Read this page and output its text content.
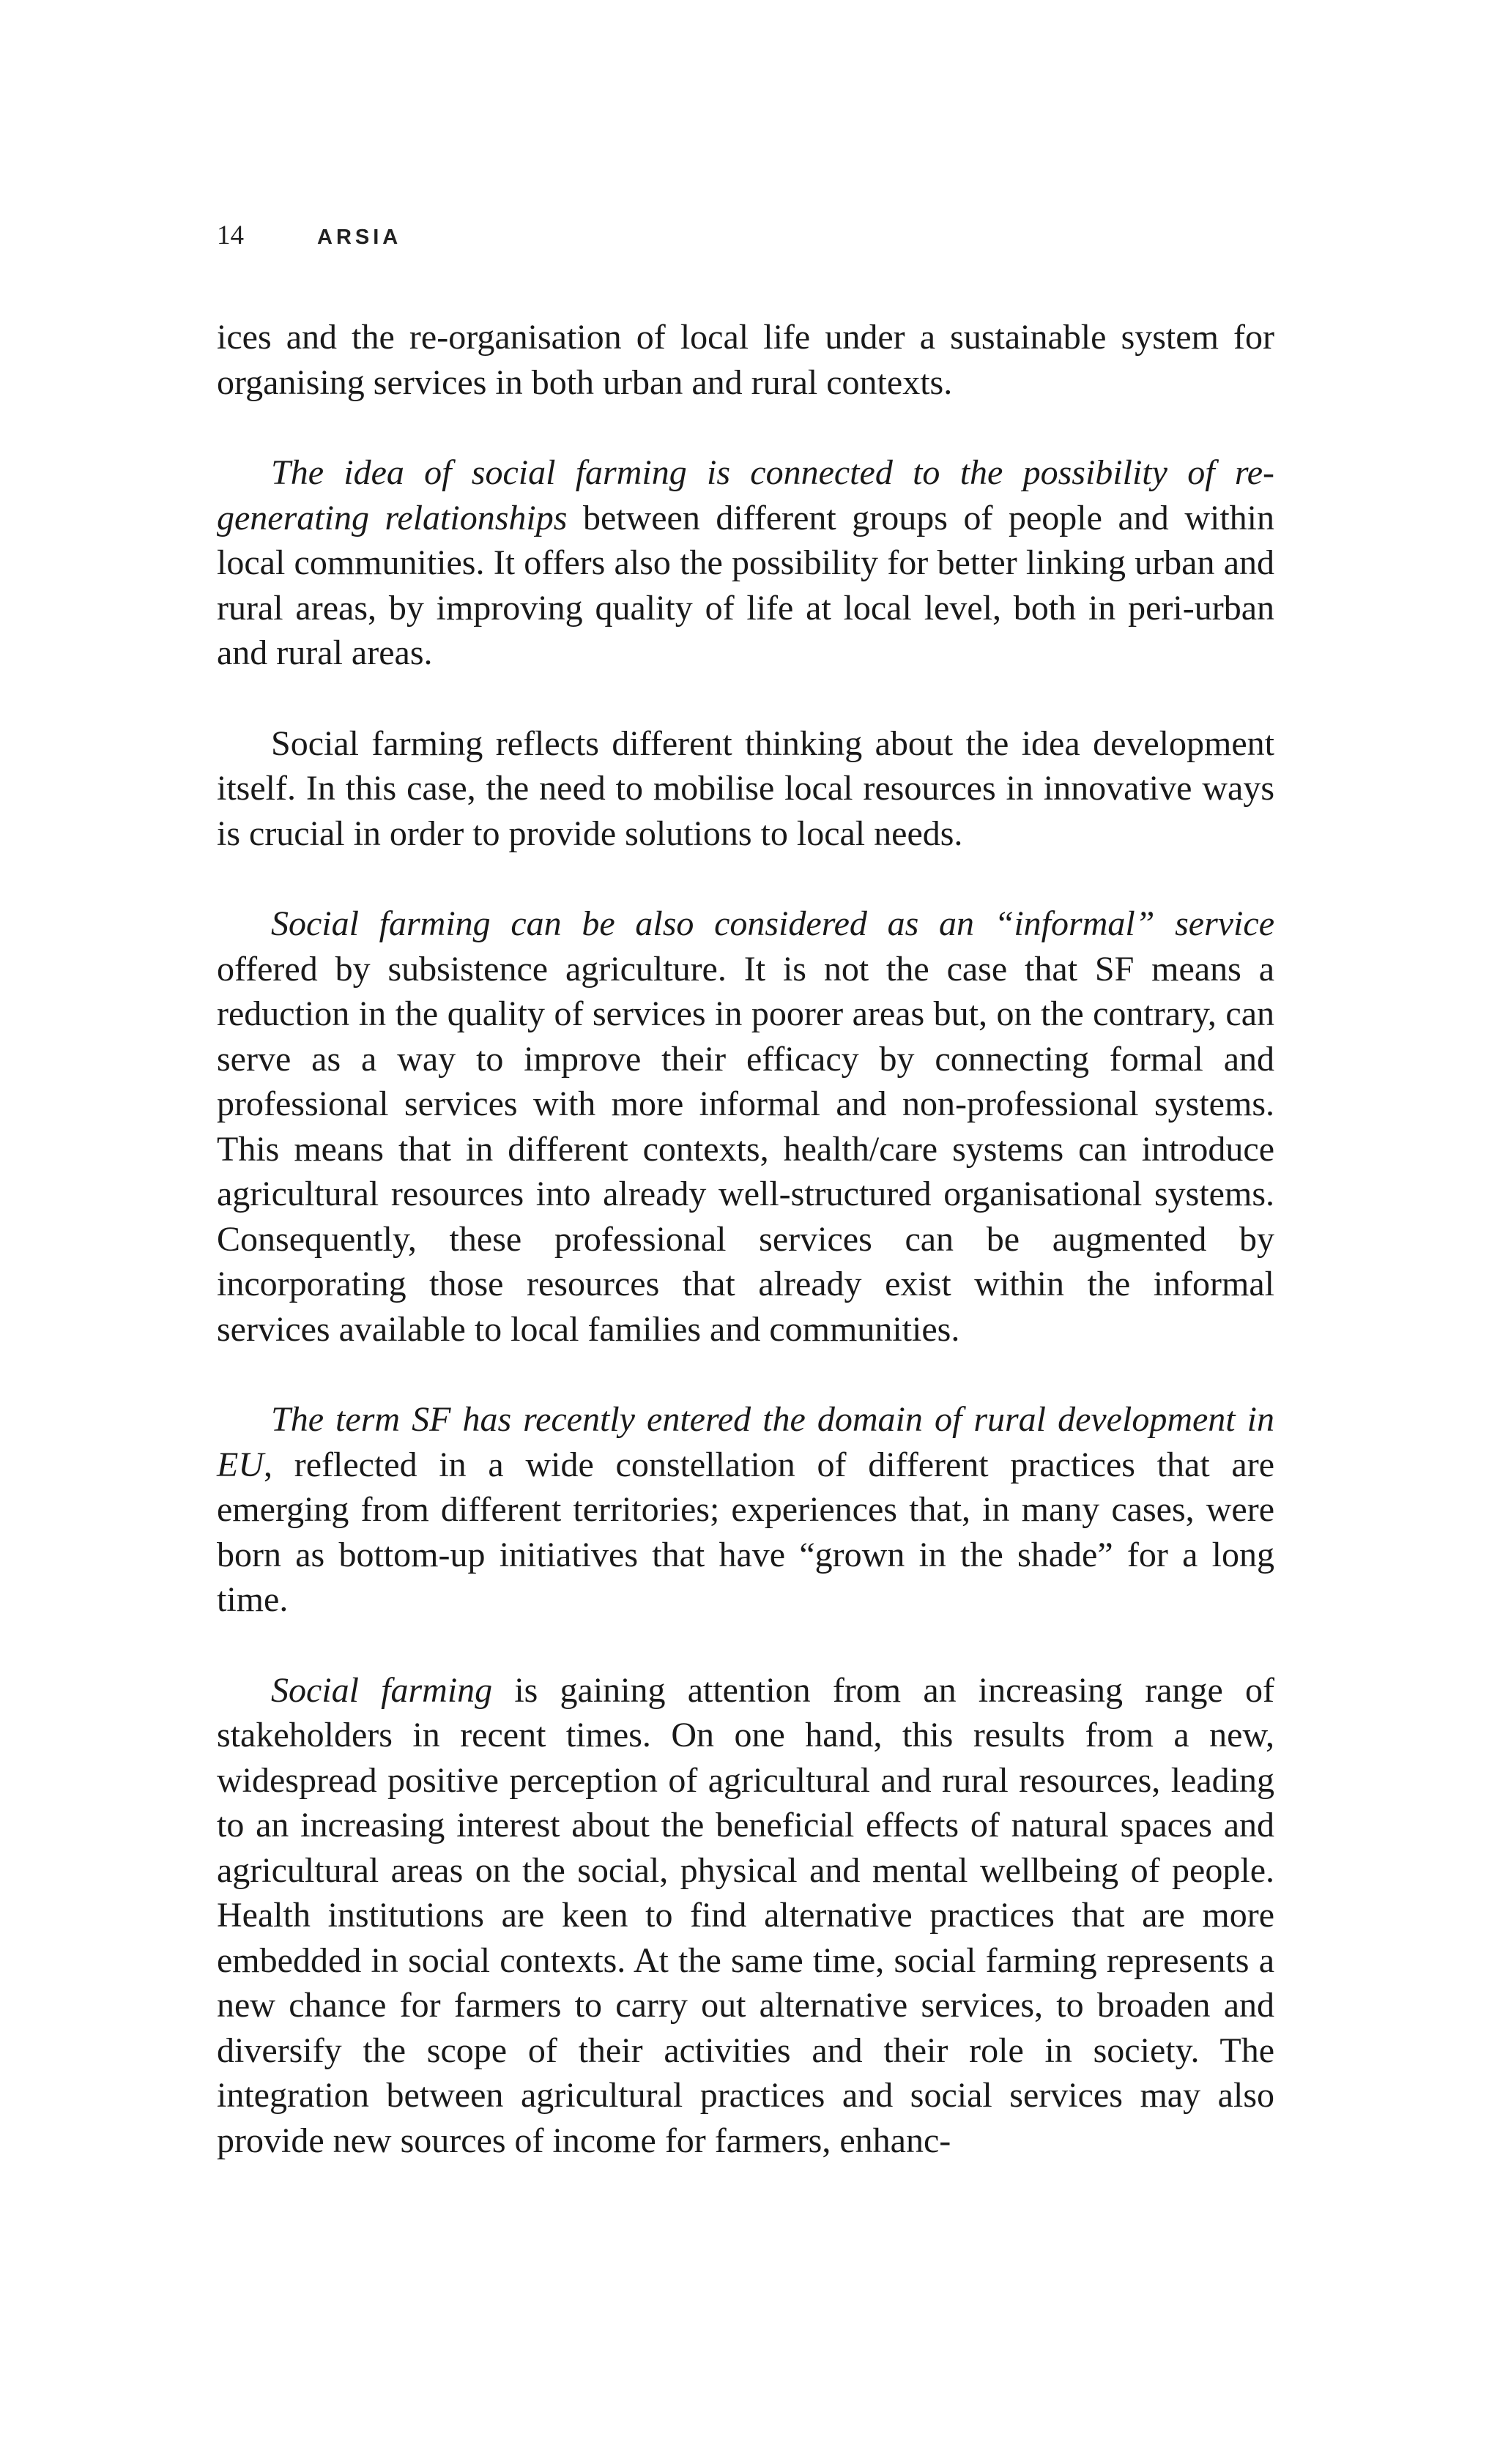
14	ARSIA

ices and the re-organisation of local life under a sustainable system for organising services in both urban and rural contexts.

The idea of social farming is connected to the possibility of re-generating relationships between different groups of people and within local communities. It offers also the possibility for better linking urban and rural areas, by improving quality of life at local level, both in peri-urban and rural areas.

Social farming reflects different thinking about the idea development itself. In this case, the need to mobilise local resources in innovative ways is crucial in order to provide solutions to local needs.

Social farming can be also considered as an “informal” service offered by subsistence agriculture. It is not the case that SF means a reduction in the quality of services in poorer areas but, on the contrary, can serve as a way to improve their efficacy by connecting formal and professional services with more informal and non-professional systems. This means that in different contexts, health/care systems can introduce agricultural resources into already well-structured organisational systems. Consequently, these professional services can be augmented by incorporating those resources that already exist within the informal services available to local families and communities.

The term SF has recently entered the domain of rural development in EU, reflected in a wide constellation of different practices that are emerging from different territories; experiences that, in many cases, were born as bottom-up initiatives that have “grown in the shade” for a long time.

Social farming is gaining attention from an increasing range of stakeholders in recent times. On one hand, this results from a new, widespread positive perception of agricultural and rural resources, leading to an increasing interest about the beneficial effects of natural spaces and agricultural areas on the social, physical and mental wellbeing of people. Health institutions are keen to find alternative practices that are more embedded in social contexts. At the same time, social farming represents a new chance for farmers to carry out alternative services, to broaden and diversify the scope of their activities and their role in society. The integration between agricultural practices and social services may also provide new sources of income for farmers, enhanc-
